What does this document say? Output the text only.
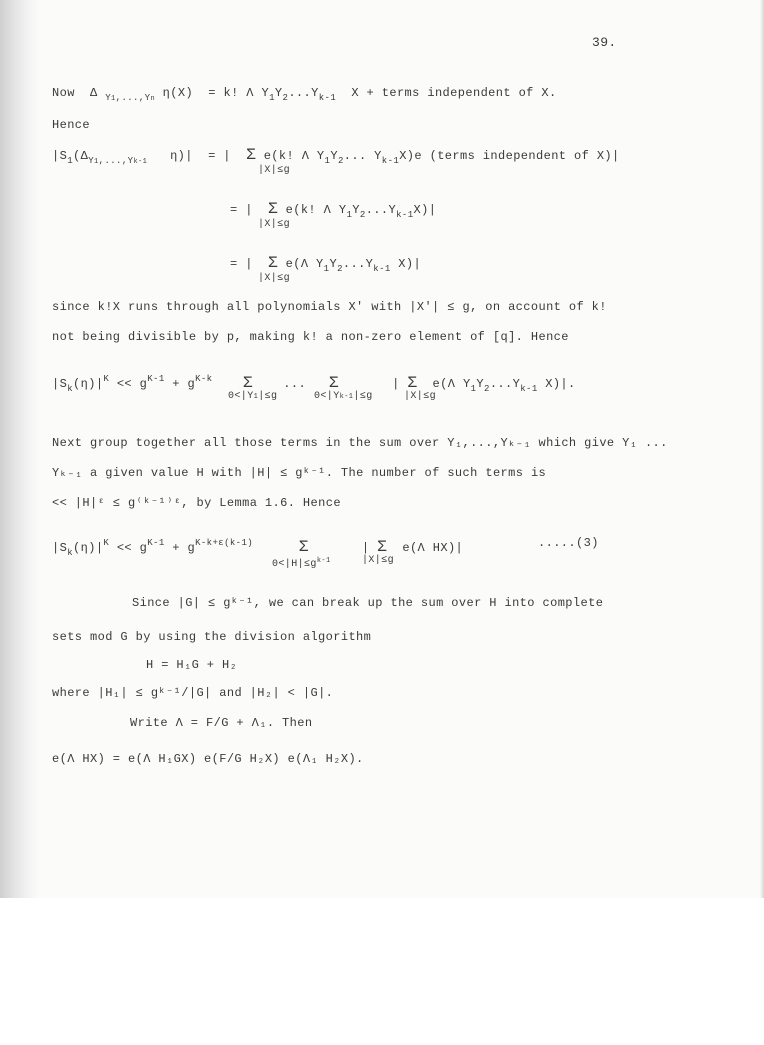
39.
Now  Δ $_{Y1,...,Yn}$ η(X)  = k! Λ $Y_1Y_2...Y_{k-1}$  X + terms independent of X.
Hence
$|S_1(\Delta_{Y1,...,Yk-1}$   η)|  = |  Σ e(k! Λ $Y_1Y_2$... $Y_{k-1}X)e$ (terms independent of X)|
|X|≤g
= |  Σ e(k! Λ $Y_1Y_2...Y_{k-1}X)|$
|X|≤g
= |  Σ e(Λ $Y_1Y_2...Y_{k-1}$ X)|
|X|≤g
since k!X runs through all polynomials X' with |X'| ≤ g, on account of k!
not being divisible by p, making k! a non-zero element of [q]. Hence
$|S_k(\eta)|^K << g^{K-1} + g^{K-k}$ Σ    ...   Σ       | Σ  e(Λ $Y_1Y_2...Y_{k-1}$ X)|.
0<|Y1|≤g	0<|Yk-1|≤g	|X|≤g
Next group together all those terms in the sum over Y₁,...,Yₖ₋₁ which give Y₁ ...
Yₖ₋₁ a given value H with |H| ≤ gᵏ⁻¹. The number of such terms is
<< |H|ᵋ ≤ g⁽ᵏ⁻¹⁾ᵋ, by Lemma 1.6. Hence
$|S_k(\eta)|^K << g^{K-1} + g^{K-k+\varepsilon(k-1)}$	Σ       | Σ  e(Λ HX)|	.....(3)
$0<|H|\le g^{k-1}$	|X|≤g
Since |G| ≤ gᵏ⁻¹, we can break up the sum over H into complete
sets mod G by using the division algorithm
H = H₁G + H₂
where |H₁| ≤ gᵏ⁻¹/|G| and |H₂| < |G|.
Write Λ = F/G + Λ₁. Then
e(Λ HX) = e(Λ H₁GX) e(F/G H₂X) e(Λ₁ H₂X).
